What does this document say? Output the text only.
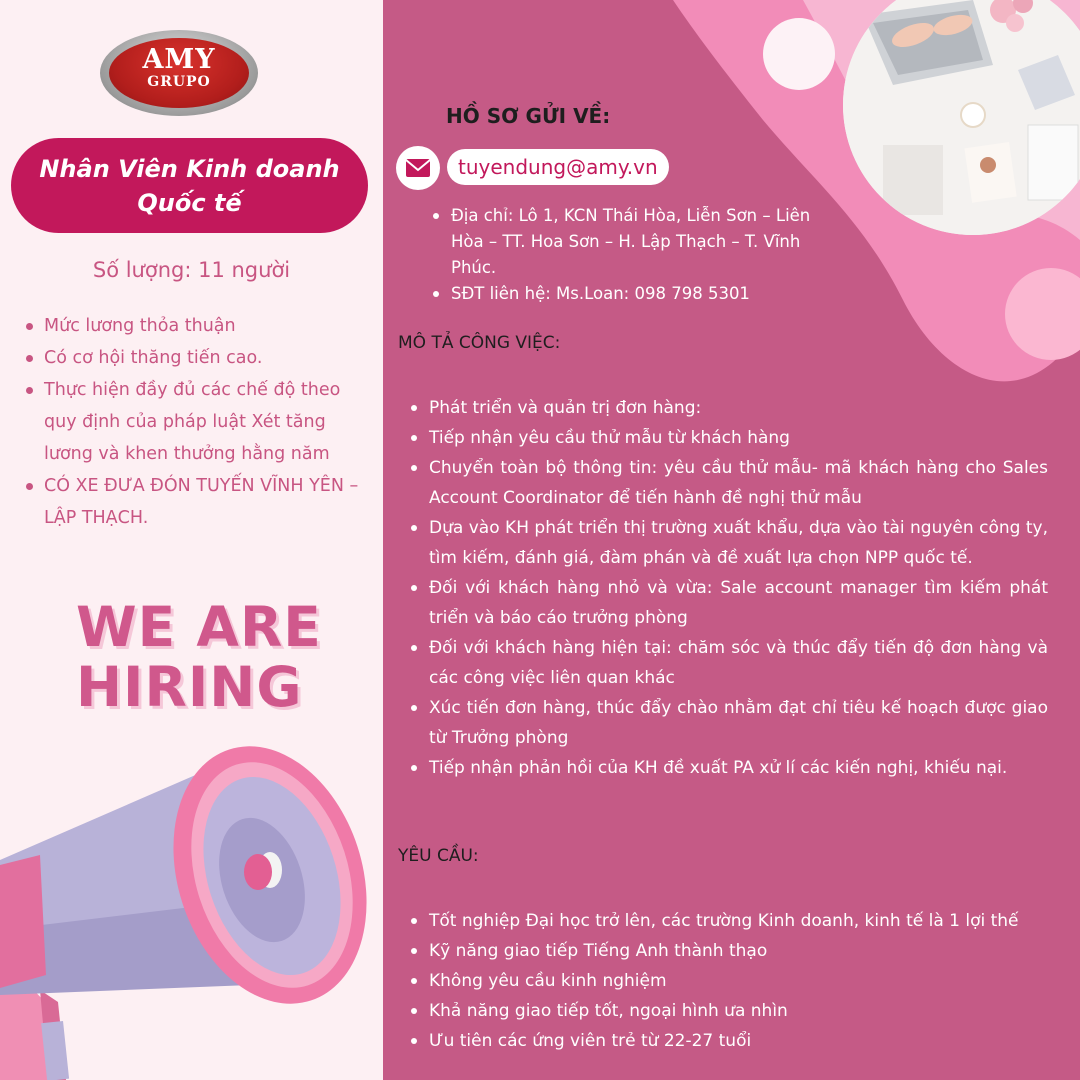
AMY
GRUPO
Nhân Viên Kinh doanh
Quốc tế
Số lượng: 11 người
Mức lương thỏa thuận
Có cơ hội thăng tiến cao.
Thực hiện đầy đủ các chế độ theo quy định của pháp luật Xét tăng lương và khen thưởng hằng năm
CÓ XE ĐƯA ĐÓN TUYẾN VĨNH YÊN – LẬP THẠCH.
WE ARE
HIRING
HỒ SƠ GỬI VỀ:
tuyendung@amy.vn
Địa chỉ: Lô 1, KCN Thái Hòa, Liễn Sơn – Liên Hòa – TT. Hoa Sơn – H. Lập Thạch – T. Vĩnh Phúc.
SĐT liên hệ: Ms.Loan: 098 798 5301
MÔ TẢ CÔNG VIỆC:
Phát triển và quản trị đơn hàng:
Tiếp nhận yêu cầu thử mẫu từ khách hàng
Chuyển toàn bộ thông tin: yêu cầu thử mẫu- mã khách hàng cho Sales Account Coordinator để tiến hành đề nghị thử mẫu
Dựa vào KH phát triển thị trường xuất khẩu, dựa vào tài nguyên công ty, tìm kiếm, đánh giá, đàm phán và đề xuất lựa chọn NPP quốc tế.
Đối với khách hàng nhỏ và vừa: Sale account manager tìm kiếm phát triển và báo cáo trưởng phòng
Đối với khách hàng hiện tại: chăm sóc và thúc đẩy tiến độ đơn hàng và các công việc liên quan khác
Xúc tiến đơn hàng, thúc đẩy chào nhằm đạt chỉ tiêu kế hoạch được giao từ Trưởng phòng
Tiếp nhận phản hồi của KH đề xuất PA xử lí các kiến nghị, khiếu nại.
YÊU CẦU:
Tốt nghiệp Đại học trở lên, các trường Kinh doanh, kinh tế là 1 lợi thế
Kỹ năng giao tiếp Tiếng Anh thành thạo
Không yêu cầu kinh nghiệm
Khả năng giao tiếp tốt, ngoại hình ưa nhìn
Ưu tiên các ứng viên trẻ từ 22-27 tuổi
